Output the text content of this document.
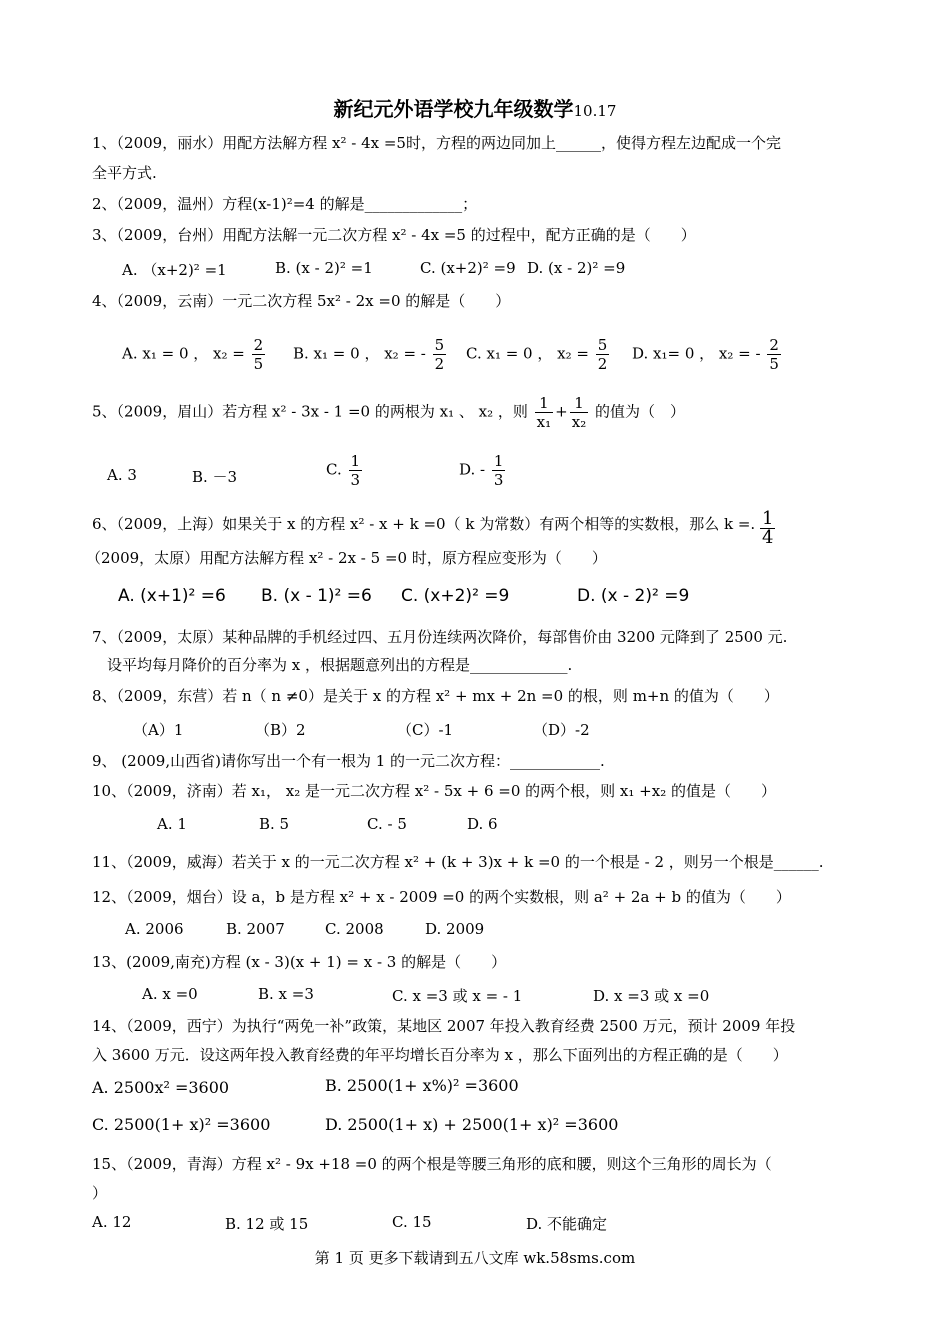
新纪元外语学校九年级数学10.17
1、（2009，丽水）用配方法解方程 x² - 4x =5时，方程的两边同加上______，使得方程左边配成一个完
全平方式.
2、（2009，温州）方程(x-1)²=4 的解是_____________；
3、（2009，台州）用配方法解一元二次方程 x² - 4x =5 的过程中，配方正确的是（　　）
A. （x+2)² =1	B. (x - 2)² =1	C. (x+2)² =9 D. (x - 2)² =9
4、（2009，云南）一元二次方程 5x² - 2x =0 的解是（　　）
A. x₁ = 0 ， $x_2 = \frac{2}{5} B$. x₁ = 0 ， x₂ = - $\frac{5}{2} C$. x₁ = 0 ， $x_2 = \frac{5}{2} D$. x₁= 0 ， x₂ = - $\frac{2}{5}$
5、（2009，眉山）若方程 x² - 3x - 1 =0 的两根为 x₁ 、 x₂ ，则 $\frac{1}{\text{x₁}} + \frac{1}{\text{x₂}}$ 的值为（　）
A. 3	B. －3	C. $\frac{1}{3}$	D. - $\frac{1}{3}$
6、（2009，上海）如果关于 x 的方程 x² - x + k =0（ k 为常数）有两个相等的实数根，那么 k =. $\frac{1}{4}$
（2009，太原）用配方法解方程 x² - 2x - 5 =0 时，原方程应变形为（　　）
A. (x+1)² =6 B. (x - 1)² =6 C. (x+2)² =9	D. (x - 2)² =9
7、（2009，太原）某种品牌的手机经过四、五月份连续两次降价，每部售价由 3200 元降到了 2500 元.
设平均每月降价的百分率为 x ，根据题意列出的方程是_____________.
8、（2009，东营）若 n（ n ≠0）是关于 x 的方程 x² + mx + 2n =0 的根，则 m+n 的值为（　　）
（A）1	（B）2	（C）-1	（D）-2
9、 (2009,山西省)请你写出一个有一根为 1 的一元二次方程：____________.
10、（2009，济南）若 x₁， x₂ 是一元二次方程 x² - 5x + 6 =0 的两个根，则 x₁ +x₂ 的值是（　　）
A. 1	B. 5	C. - 5	D. 6
11、（2009，威海）若关于 x 的一元二次方程 x² + (k + 3)x + k =0 的一个根是 - 2 ，则另一个根是______.
12、（2009，烟台）设 a，b 是方程 x² + x - 2009 =0 的两个实数根，则 a² + 2a + b 的值为（　　）
A. 2006	B. 2007	C. 2008	D. 2009
13、(2009,南充)方程 (x - 3)(x + 1) = x - 3 的解是（　　）
A. x =0	B. x =3	C. x =3 或 x = - 1	D. x =3 或 x =0
14、（2009，西宁）为执行“两免一补”政策，某地区 2007 年投入教育经费 2500 万元，预计 2009 年投
入 3600 万元．设这两年投入教育经费的年平均增长百分率为 x ，那么下面列出的方程正确的是（　　）
A. 2500x² =3600	B. 2500(1+ x%)² =3600
C. 2500(1+ x)² =3600	D. 2500(1+ x) + 2500(1+ x)² =3600
15、（2009，青海）方程 x² - 9x +18 =0 的两个根是等腰三角形的底和腰，则这个三角形的周长为（
）
A. 12	B. 12 或 15	C. 15	D. 不能确定
第 1 页 更多下载请到五八文库 wk.58sms.com
